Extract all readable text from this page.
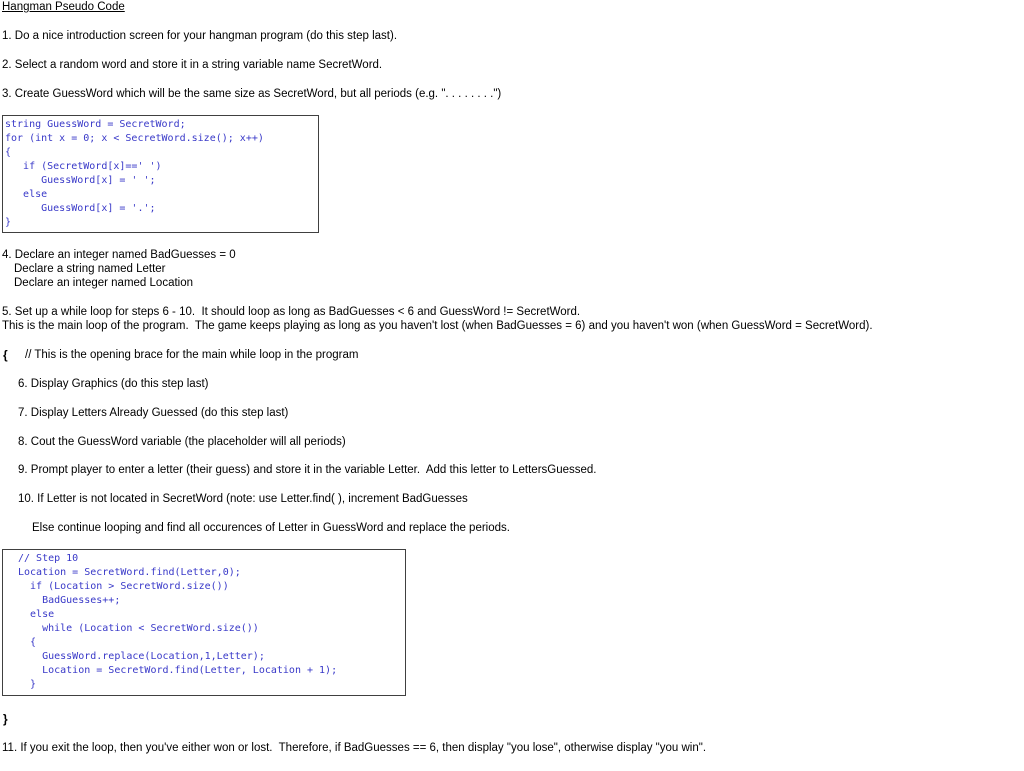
Hangman Pseudo Code
1. Do a nice introduction screen for your hangman program (do this step last).
2. Select a random word and store it in a string variable name SecretWord.
3. Create GuessWord which will be the same size as SecretWord, but all periods (e.g. ". . . . . . . .")
string GuessWord = SecretWord;
for (int x = 0; x < SecretWord.size(); x++)
{
if (SecretWord[x]==' ')
GuessWord[x] = ' ';
else
GuessWord[x] = '.';
}
4. Declare an integer named BadGuesses = 0
Declare a string named Letter
Declare an integer named Location
5. Set up a while loop for steps 6 - 10.  It should loop as long as BadGuesses < 6 and GuessWord != SecretWord.
This is the main loop of the program.  The game keeps playing as long as you haven't lost (when BadGuesses = 6) and you haven't won (when GuessWord = SecretWord).
{ // This is the opening brace for the main while loop in the program
6. Display Graphics (do this step last)
7. Display Letters Already Guessed (do this step last)
8. Cout the GuessWord variable (the placeholder will all periods)
9. Prompt player to enter a letter (their guess) and store it in the variable Letter.  Add this letter to LettersGuessed.
10. If Letter is not located in SecretWord (note: use Letter.find( ), increment BadGuesses
Else continue looping and find all occurences of Letter in GuessWord and replace the periods.
// Step 10
Location = SecretWord.find(Letter,0);
if (Location > SecretWord.size())
BadGuesses++;
else
while (Location < SecretWord.size())
{
GuessWord.replace(Location,1,Letter);
Location = SecretWord.find(Letter, Location + 1);
}
}
11. If you exit the loop, then you've either won or lost.  Therefore, if BadGuesses == 6, then display "you lose", otherwise display "you win".
